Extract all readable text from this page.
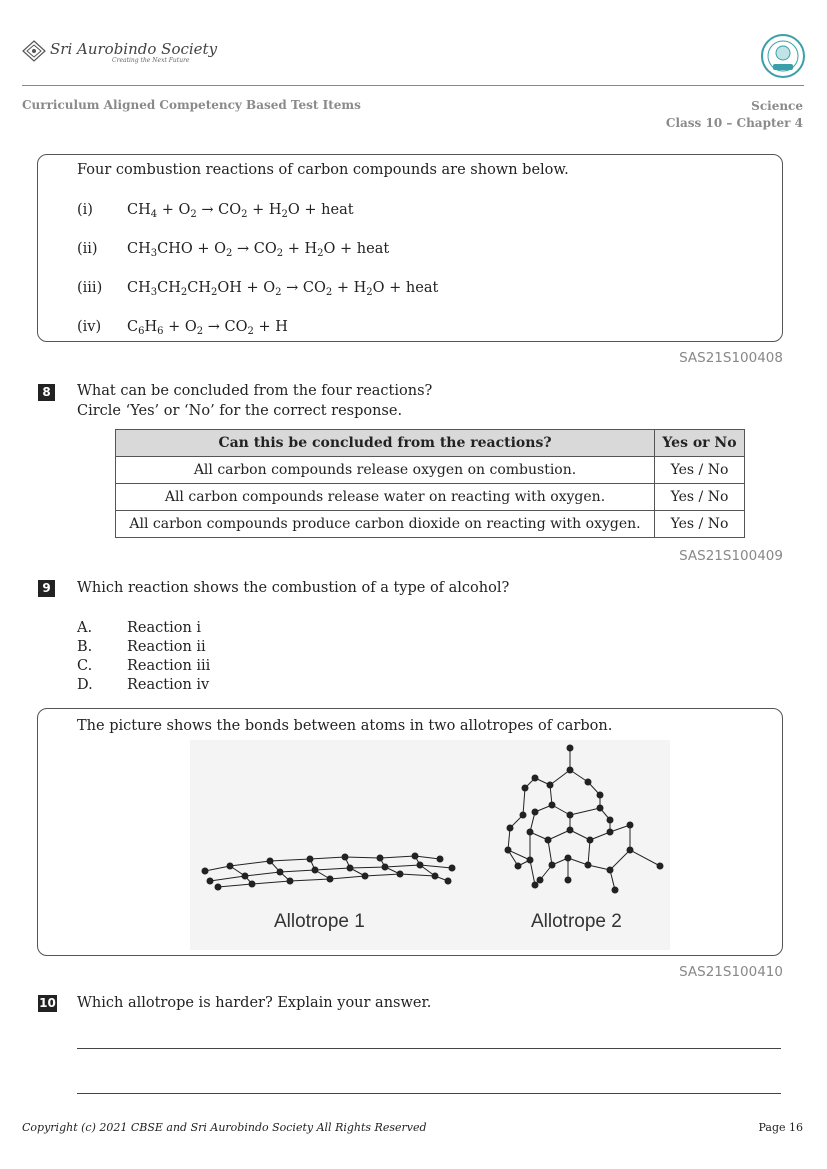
Sri Aurobindo Society
Creating the Next Future
Curriculum Aligned Competency Based Test Items	Science
Class 10 – Chapter 4
Four combustion reactions of carbon compounds are shown below.
(i) $CH_4 + O_2 \to CO_2 + H_2O$ + heat
(ii) $CH_3CHO + O_2 \to CO_2 + H_2O$ + heat
(iii) $CH_3CH_2CH_2OH + O_2 \to CO_2 + H_2O$ + heat
(iv) $C_6H_6 + O_2 \to CO_2 + H$
SAS21S100408
8 What can be concluded from the four reactions?
Circle ‘Yes’ or ‘No’ for the correct response.
Can this be concluded from the reactions?	Yes or No
All carbon compounds release oxygen on combustion.	Yes / No
All carbon compounds release water on reacting with oxygen.	Yes / No
All carbon compounds produce carbon dioxide on reacting with oxygen.	Yes / No
SAS21S100409
9 Which reaction shows the combustion of a type of alcohol?
A. Reaction i
B. Reaction ii
C. Reaction iii
D. Reaction iv
The picture shows the bonds between atoms in two allotropes of carbon.
Allotrope 1	Allotrope 2
SAS21S100410
10 Which allotrope is harder? Explain your answer.
Copyright (c) 2021 CBSE and Sri Aurobindo Society All Rights Reserved	Page 16
